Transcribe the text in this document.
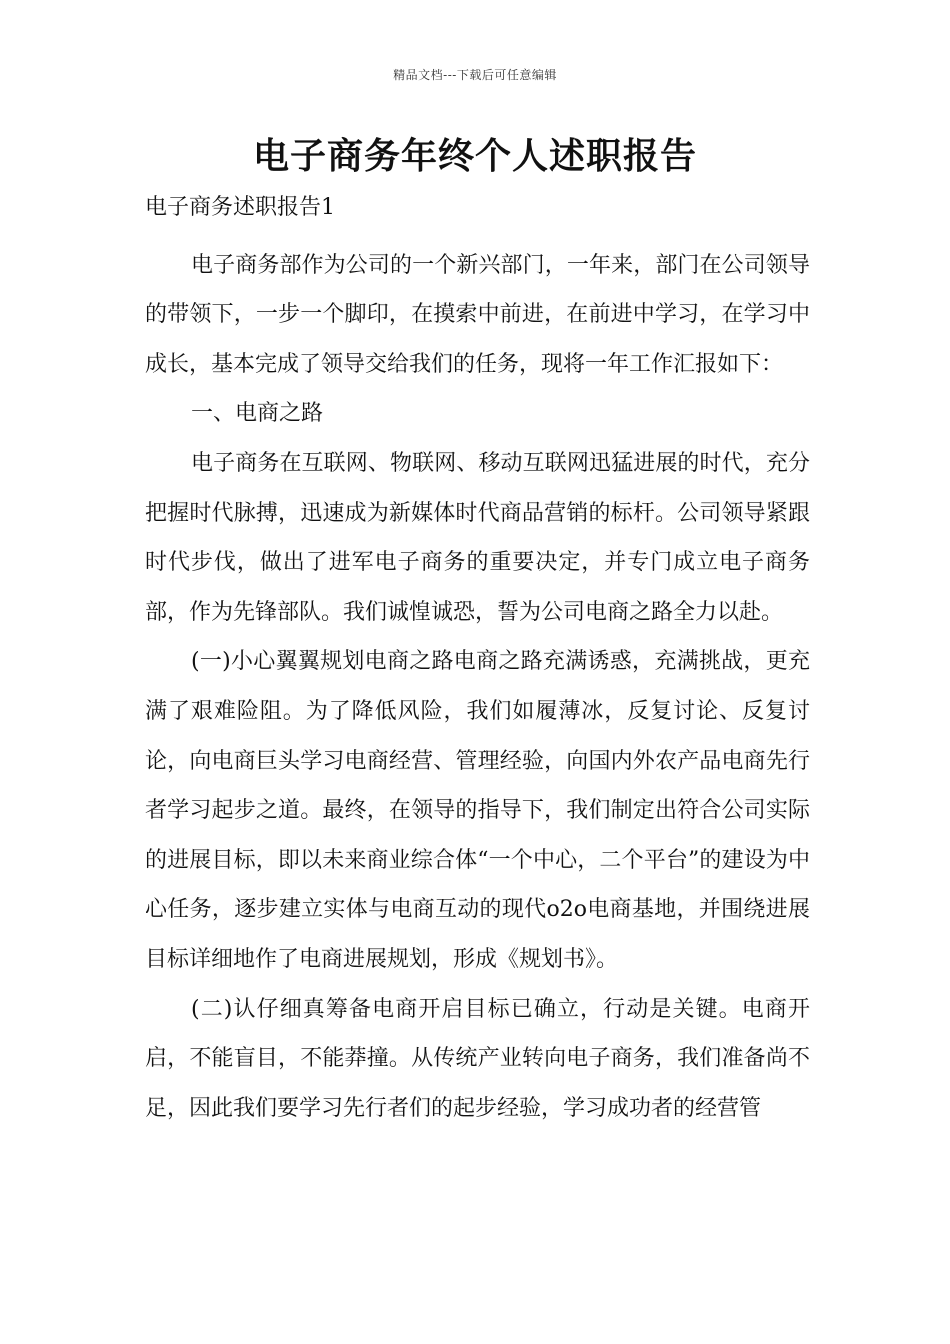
精品文档---下载后可任意编辑
电子商务年终个人述职报告

电子商务述职报告1

电子商务部作为公司的一个新兴部门，一年来，部门在公司领导的带领下，一步一个脚印，在摸索中前进，在前进中学习，在学习中成长，基本完成了领导交给我们的任务，现将一年工作汇报如下：

一、电商之路

电子商务在互联网、物联网、移动互联网迅猛进展的时代，充分把握时代脉搏，迅速成为新媒体时代商品营销的标杆。公司领导紧跟时代步伐，做出了进军电子商务的重要决定，并专门成立电子商务部，作为先锋部队。我们诚惶诚恐，誓为公司电商之路全力以赴。

(一)小心翼翼规划电商之路电商之路充满诱惑，充满挑战，更充满了艰难险阻。为了降低风险，我们如履薄冰，反复讨论、反复讨论，向电商巨头学习电商经营、管理经验，向国内外农产品电商先行者学习起步之道。最终，在领导的指导下，我们制定出符合公司实际的进展目标，即以未来商业综合体“一个中心，二个平台”的建设为中心任务，逐步建立实体与电商互动的现代o2o电商基地，并围绕进展目标详细地作了电商进展规划，形成《规划书》。

(二)认仔细真筹备电商开启目标已确立，行动是关键。电商开启，不能盲目，不能莽撞。从传统产业转向电子商务，我们准备尚不足，因此我们要学习先行者们的起步经验，学习成功者的经营管
